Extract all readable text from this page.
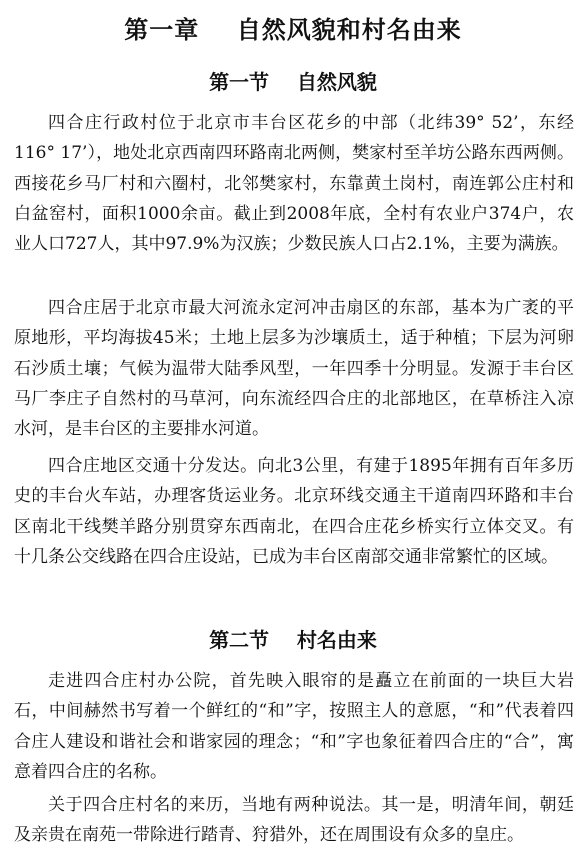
第一章    自然风貌和村名由来
第一节    自然风貌

四合庄行政村位于北京市丰台区花乡的中部（北纬39° 52’，东经116° 17’），地处北京西南四环路南北两侧，樊家村至羊坊公路东西两侧。西接花乡马厂村和六圈村，北邻樊家村，东靠黄土岗村，南连郭公庄村和白盆窑村，面积1000余亩。截止到2008年底，全村有农业户374户，农业人口727人，其中97.9%为汉族；少数民族人口占2.1%，主要为满族。

四合庄居于北京市最大河流永定河冲击扇区的东部，基本为广袤的平原地形，平均海拔45米；土地上层多为沙壤质土，适于种植；下层为河卵石沙质土壤；气候为温带大陆季风型，一年四季十分明显。发源于丰台区马厂李庄子自然村的马草河，向东流经四合庄的北部地区，在草桥注入凉水河，是丰台区的主要排水河道。

四合庄地区交通十分发达。向北3公里，有建于1895年拥有百年多历史的丰台火车站，办理客货运业务。北京环线交通主干道南四环路和丰台区南北干线樊羊路分别贯穿东西南北，在四合庄花乡桥实行立体交叉。有十几条公交线路在四合庄设站，已成为丰台区南部交通非常繁忙的区域。

第二节    村名由来

走进四合庄村办公院，首先映入眼帘的是矗立在前面的一块巨大岩石，中间赫然书写着一个鲜红的“和”字，按照主人的意愿，“和”代表着四合庄人建设和谐社会和谐家园的理念；“和”字也象征着四合庄的“合”，寓意着四合庄的名称。

关于四合庄村名的来历，当地有两种说法。其一是，明清年间，朝廷及亲贵在南苑一带除进行踏青、狩猎外，还在周围设有众多的皇庄。
